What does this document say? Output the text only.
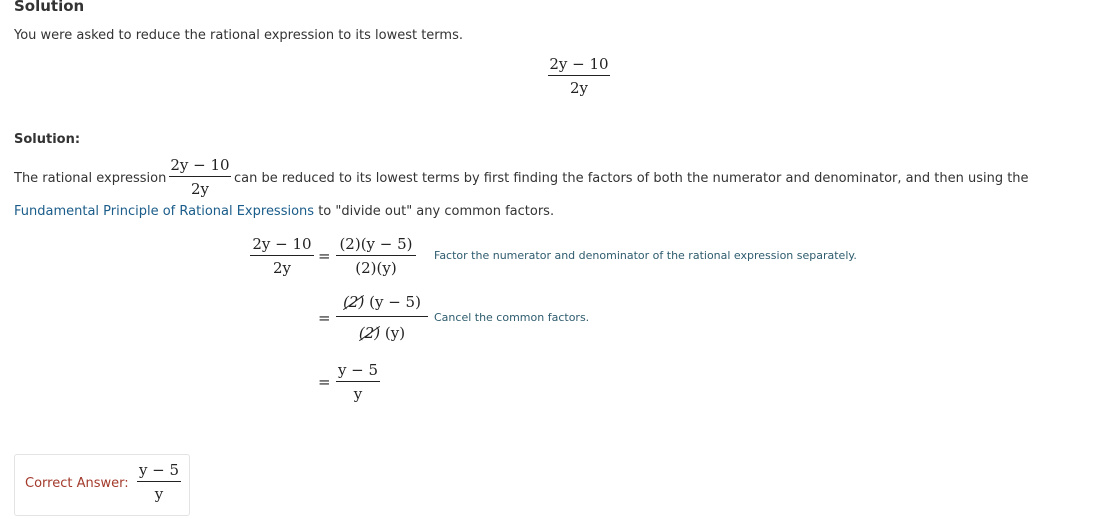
Solution
You were asked to reduce the rational expression to its lowest terms.
2y − 10
2y
Solution:
The rational expression
2y − 10
2y
can be reduced to its lowest terms by first finding the factors of both the numerator and denominator, and then using the
Fundamental Principle of Rational Expressions to "divide out" any common factors.
2y − 10
2y
=
(2)(y − 5)
(2)(y)
Factor the numerator and denominator of the rational expression separately.
=
(2) (y − 5)
(2) (y)
Cancel the common factors.
=
y − 5
y
Correct Answer:
y − 5
y
